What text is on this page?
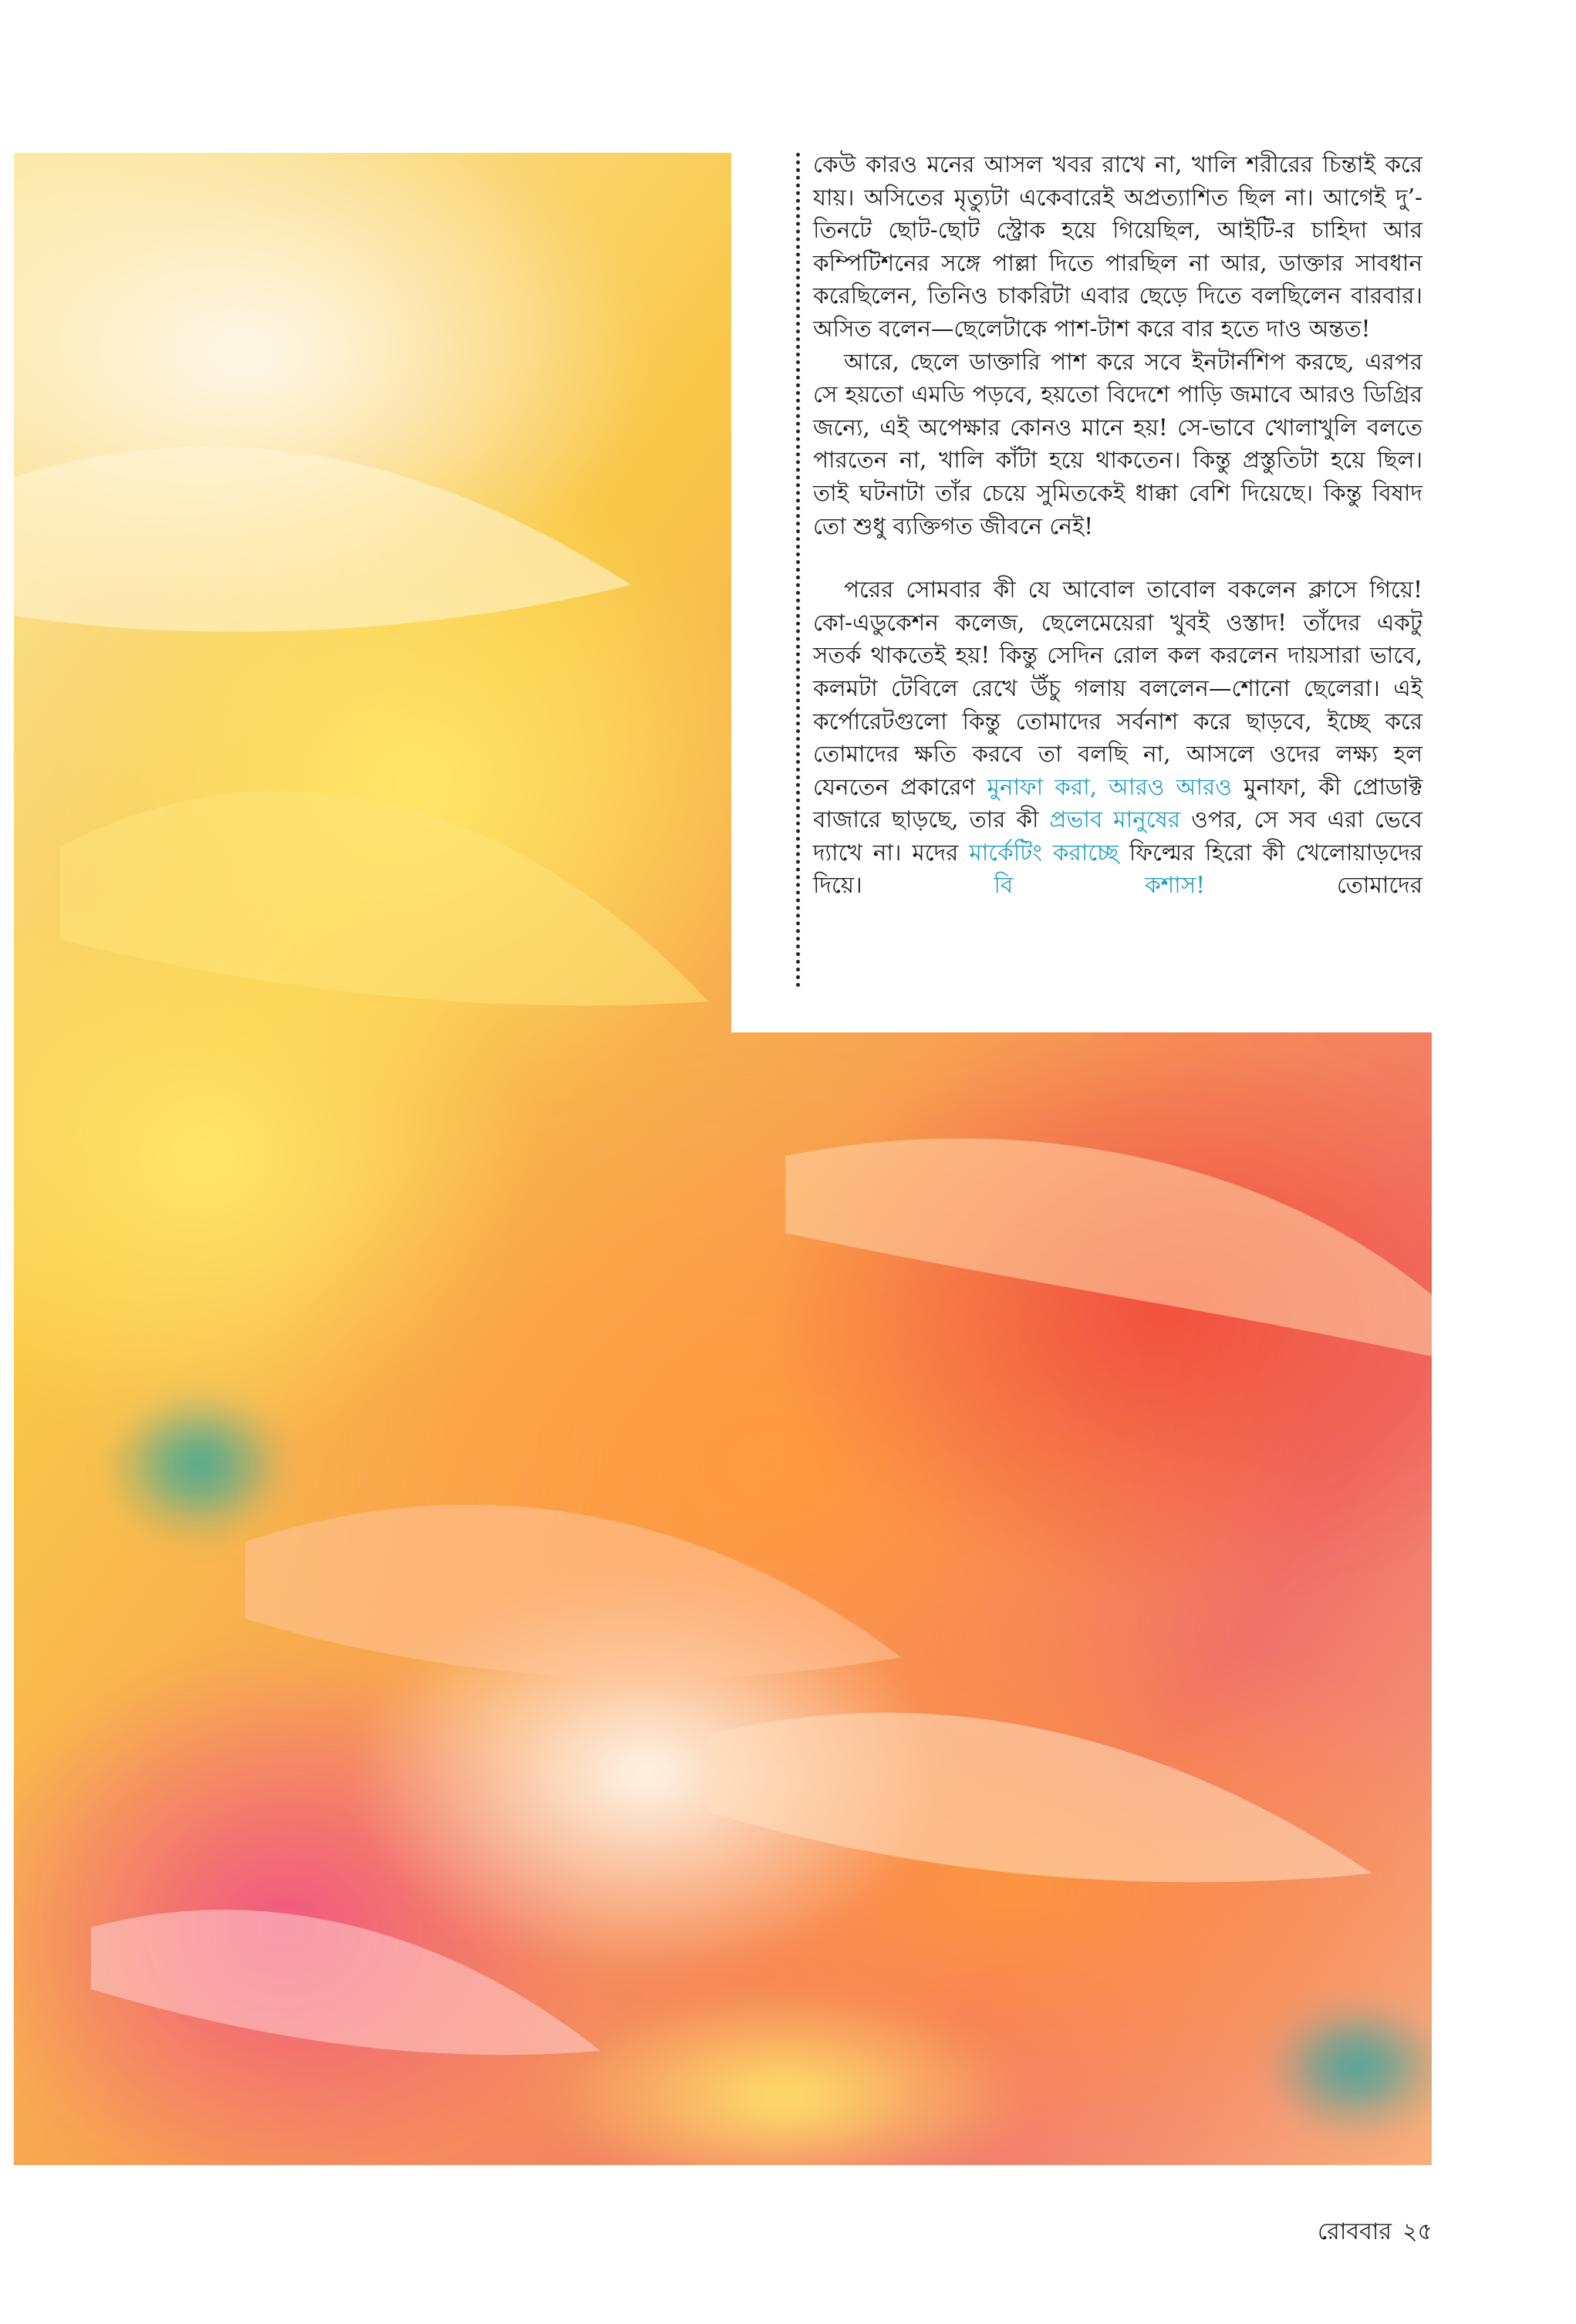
কেউ কারও মনের আসল খবর রাখে না, খালি শরীরের চিন্তাই করে যায়। অসিতের মৃত্যুটা একেবারেই অপ্রত্যাশিত ছিল না। আগেই দু’-তিনটে ছোট-ছোট স্ট্রোক হয়ে গিয়েছিল, আইটি-র চাহিদা আর কম্পিটিশনের সঙ্গে পাল্লা দিতে পারছিল না আর, ডাক্তার সাবধান করেছিলেন, তিনিও চাকরিটা এবার ছেড়ে দিতে বলছিলেন বারবার। অসিত বলেন—ছেলেটাকে পাশ-টাশ করে বার হতে দাও অন্তত!

আরে, ছেলে ডাক্তারি পাশ করে সবে ইনটার্নশিপ করছে, এরপর সে হয়তো এমডি পড়বে, হয়তো বিদেশে পাড়ি জমাবে আরও ডিগ্রির জন্যে, এই অপেক্ষার কোনও মানে হয়! সে-ভাবে খোলাখুলি বলতে পারতেন না, খালি কাঁটা হয়ে থাকতেন। কিন্তু প্রস্তুতিটা হয়ে ছিল। তাই ঘটনাটা তাঁর চেয়ে সুমিতকেই ধাক্কা বেশি দিয়েছে। কিন্তু বিষাদ তো শুধু ব্যক্তিগত জীবনে নেই!

পরের সোমবার কী যে আবোল তাবোল বকলেন ক্লাসে গিয়ে! কো-এডুকেশন কলেজ, ছেলেমেয়েরা খুবই ওস্তাদ! তাঁদের একটু সতর্ক থাকতেই হয়! কিন্তু সেদিন রোল কল করলেন দায়সারা ভাবে, কলমটা টেবিলে রেখে উঁচু গলায় বললেন—শোনো ছেলেরা। এই কর্পোরেটগুলো কিন্তু তোমাদের সর্বনাশ করে ছাড়বে, ইচ্ছে করে তোমাদের ক্ষতি করবে তা বলছি না, আসলে ওদের লক্ষ্য হল যেনতেন প্রকারেণ মুনাফা করা, আরও আরও মুনাফা, কী প্রোডাক্ট বাজারে ছাড়ছে, তার কী প্রভাব মানুষের ওপর, সে সব এরা ভেবে দ্যাখে না। মদের মার্কেটিং করাচ্ছে ফিল্মের হিরো কী খেলোয়াড়দের দিয়ে।	বি কশাস!	তোমাদের

রোববার ২৫
